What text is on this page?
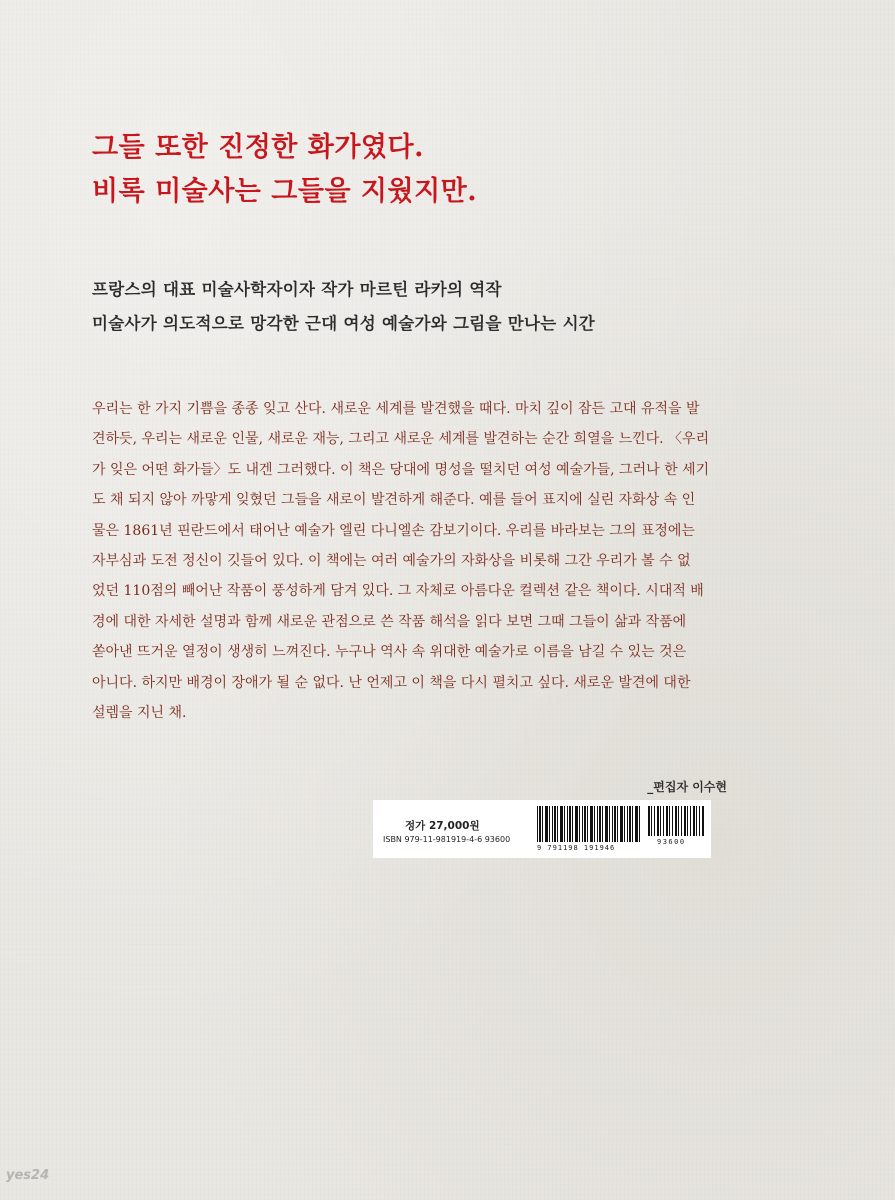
그들 또한 진정한 화가였다.
비록 미술사는 그들을 지웠지만.
프랑스의 대표 미술사학자이자 작가 마르틴 라카의 역작
미술사가 의도적으로 망각한 근대 여성 예술가와 그림을 만나는 시간
우리는 한 가지 기쁨을 종종 잊고 산다. 새로운 세계를 발견했을 때다. 마치 깊이 잠든 고대 유적을 발
견하듯, 우리는 새로운 인물, 새로운 재능, 그리고 새로운 세계를 발견하는 순간 희열을 느낀다. 〈우리
가 잊은 어떤 화가들〉도 내겐 그러했다. 이 책은 당대에 명성을 떨치던 여성 예술가들, 그러나 한 세기
도 채 되지 않아 까맣게 잊혔던 그들을 새로이 발견하게 해준다. 예를 들어 표지에 실린 자화상 속 인
물은 1861년 핀란드에서 태어난 예술가 엘린 다니엘손 감보기이다. 우리를 바라보는 그의 표정에는
자부심과 도전 정신이 깃들어 있다. 이 책에는 여러 예술가의 자화상을 비롯해 그간 우리가 볼 수 없
었던 110점의 빼어난 작품이 풍성하게 담겨 있다. 그 자체로 아름다운 컬렉션 같은 책이다. 시대적 배
경에 대한 자세한 설명과 함께 새로운 관점으로 쓴 작품 해석을 읽다 보면 그때 그들이 삶과 작품에
쏟아낸 뜨거운 열정이 생생히 느껴진다. 누구나 역사 속 위대한 예술가로 이름을 남길 수 있는 것은
아니다. 하지만 배경이 장애가 될 순 없다. 난 언제고 이 책을 다시 펼치고 싶다. 새로운 발견에 대한
설렘을 지닌 채.
_편집자 이수현
정가 27,000원
ISBN 979-11-981919-4-6 93600
9 791198 191946
93600
yes24
